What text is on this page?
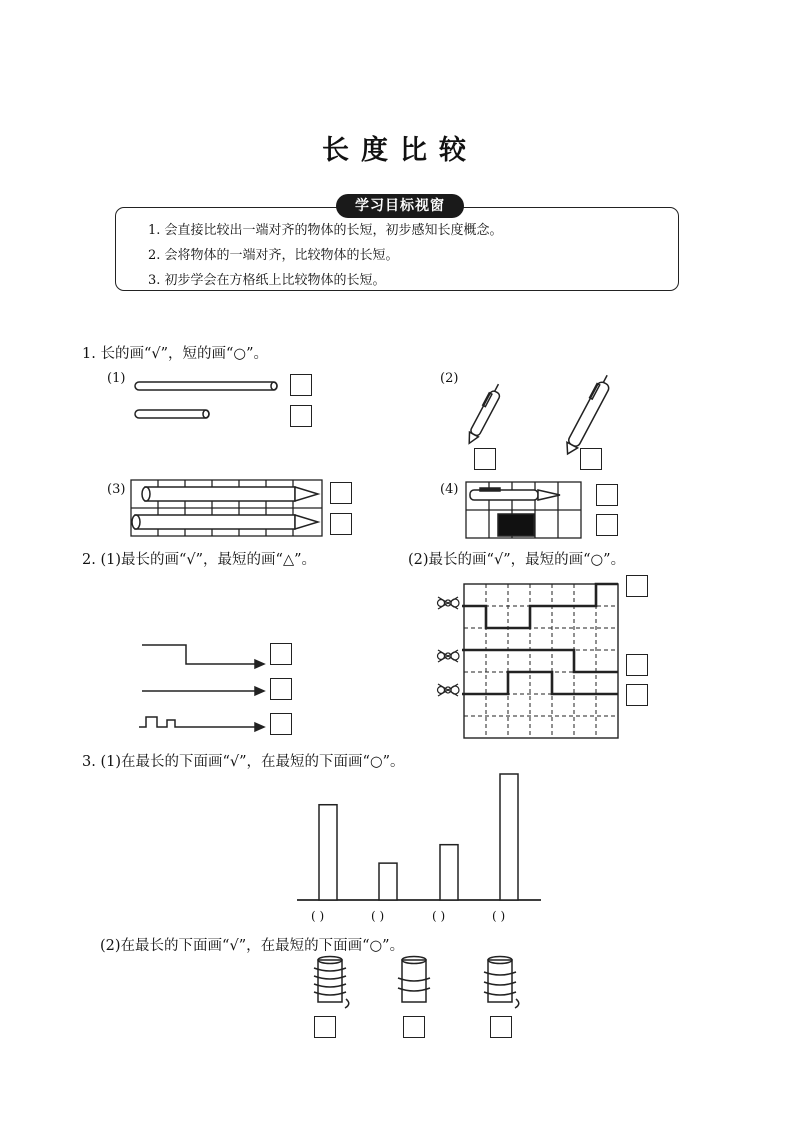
长度比较
学习目标视窗
1. 会直接比较出一端对齐的物体的长短，初步感知长度概念。
2. 会将物体的一端对齐，比较物体的长短。
3. 初步学会在方格纸上比较物体的长短。
1. 长的画“√”，短的画“○”。
(1)	(2)
(3)	(4)
2. (1)最长的画“√”，最短的画“△”。	(2)最长的画“√”，最短的画“○”。
3. (1)在最长的下面画“√”，在最短的下面画“○”。
( )	( )	( )	( )
(2)在最长的下面画“√”，在最短的下面画“○”。
